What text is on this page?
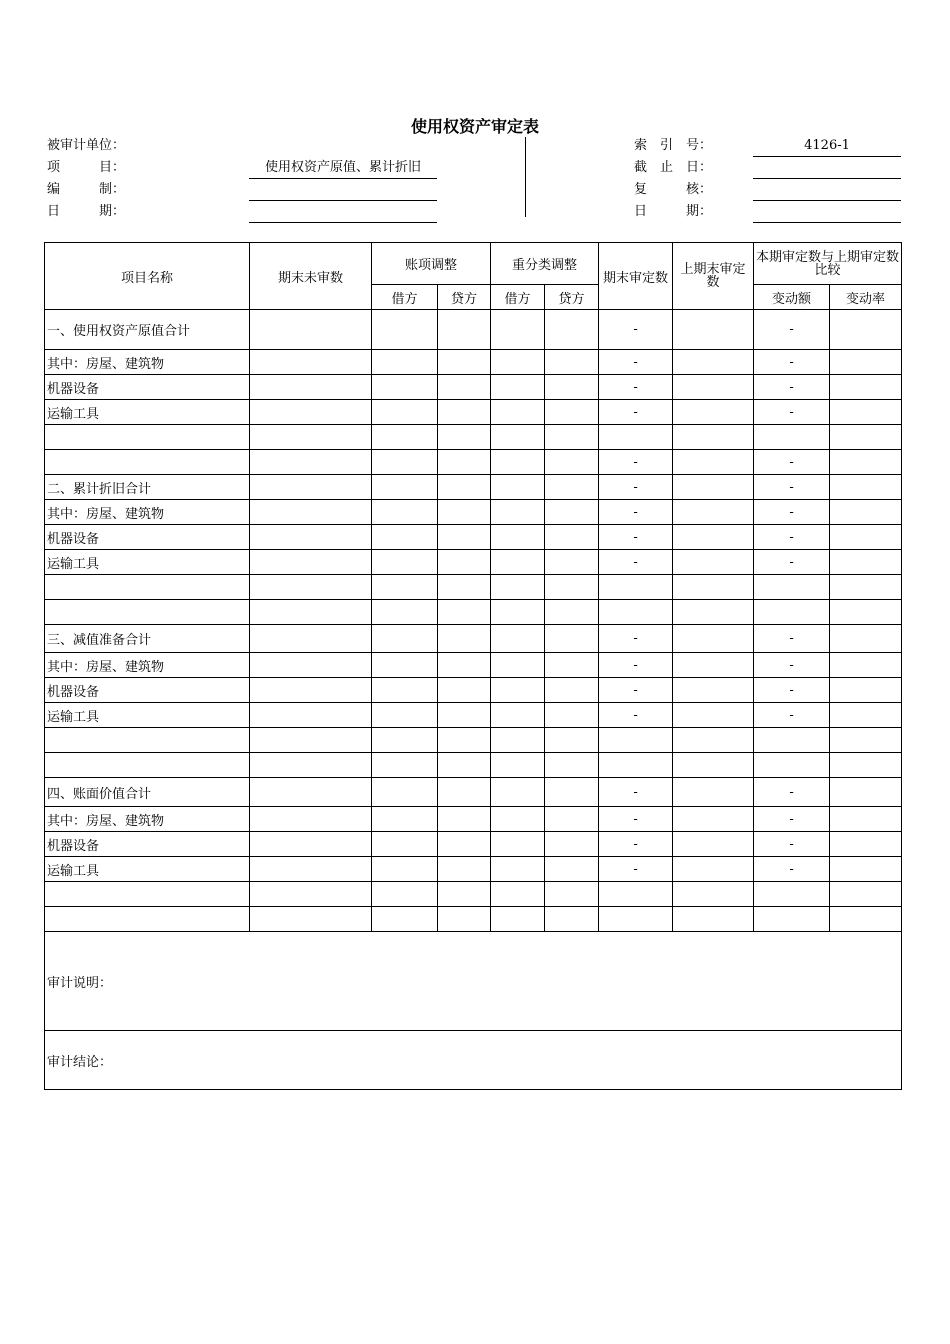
使用权资产审定表
被审计单位：
项　　　目：	使用权资产原值、累计折旧
编　　　制：
日　　　期：
索　引　号：	4126-1
截　止　日：
复　　　核：
日　　　期：
项目名称	期末未审数	账项调整		重分类调整		期末审定数	上期末审定数	本期审定数与上期审定数比较	
		借方	贷方	借方	贷方			变动额	变动率
一、使用权资产原值合计						-		-	
其中：房屋、建筑物						-		-	
机器设备						-		-	
运输工具						-		-	

						-		-	
二、累计折旧合计						-		-	
其中：房屋、建筑物						-		-	
机器设备						-		-	
运输工具						-		-	

三、减值准备合计						-		-	
其中：房屋、建筑物						-		-	
机器设备						-		-	
运输工具						-		-	

四、账面价值合计						-		-	
其中：房屋、建筑物						-		-	
机器设备						-		-	
运输工具						-		-	

审计说明：									
审计结论：									
